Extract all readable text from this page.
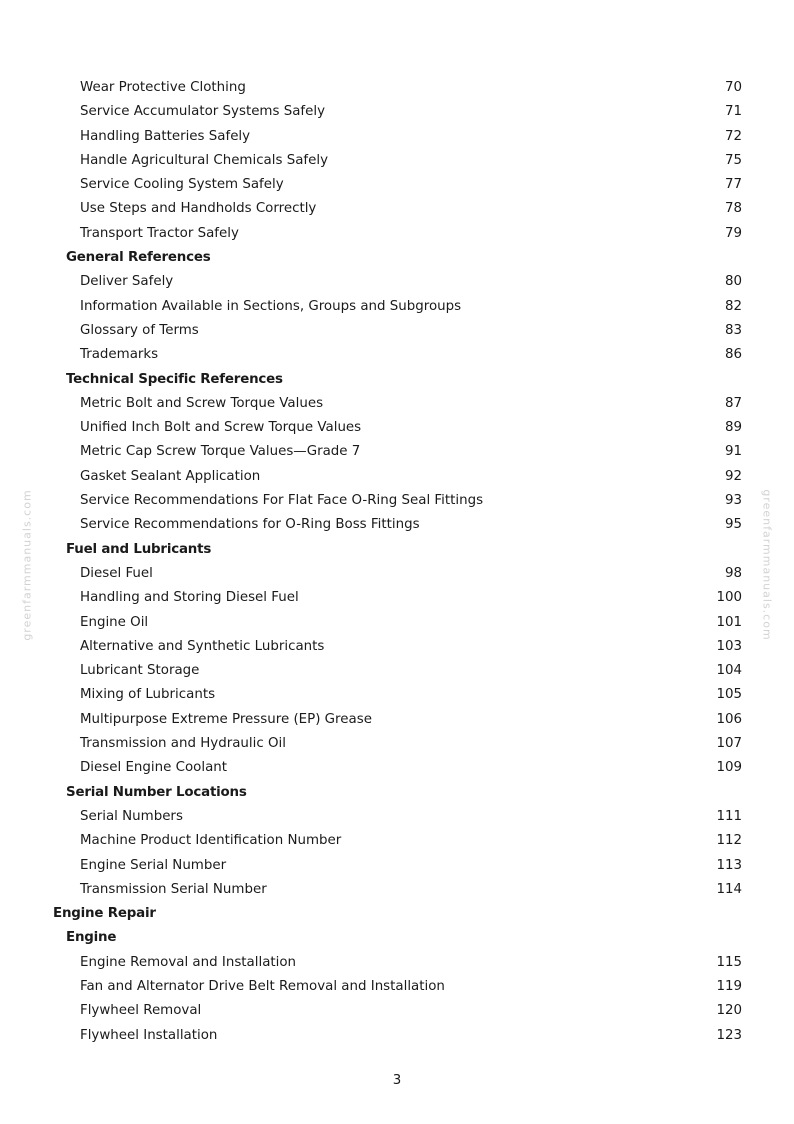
greenfarmmanuals.com	greenfarmmanuals.com
Wear Protective Clothing	70
Service Accumulator Systems Safely	71
Handling Batteries Safely	72
Handle Agricultural Chemicals Safely	75
Service Cooling System Safely	77
Use Steps and Handholds Correctly	78
Transport Tractor Safely	79
General References
Deliver Safely	80
Information Available in Sections, Groups and Subgroups	82
Glossary of Terms	83
Trademarks	86
Technical Specific References
Metric Bolt and Screw Torque Values	87
Unified Inch Bolt and Screw Torque Values	89
Metric Cap Screw Torque Values—Grade 7	91
Gasket Sealant Application	92
Service Recommendations For Flat Face O-Ring Seal Fittings	93
Service Recommendations for O-Ring Boss Fittings	95
Fuel and Lubricants
Diesel Fuel	98
Handling and Storing Diesel Fuel	100
Engine Oil	101
Alternative and Synthetic Lubricants	103
Lubricant Storage	104
Mixing of Lubricants	105
Multipurpose Extreme Pressure (EP) Grease	106
Transmission and Hydraulic Oil	107
Diesel Engine Coolant	109
Serial Number Locations
Serial Numbers	111
Machine Product Identification Number	112
Engine Serial Number	113
Transmission Serial Number	114
Engine Repair
Engine
Engine Removal and Installation	115
Fan and Alternator Drive Belt Removal and Installation	119
Flywheel Removal	120
Flywheel Installation	123
3
